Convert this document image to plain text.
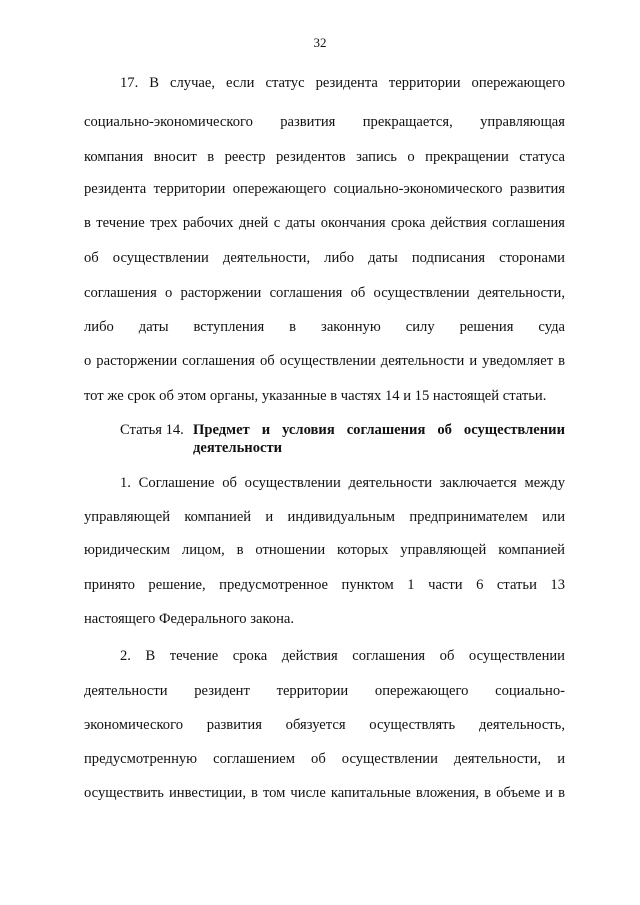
32
17. В случае, если статус резидента территории опережающего
социально-экономического развития прекращается, управляющая
компания вносит в реестр резидентов запись о прекращении статуса
резидента территории опережающего социально-экономического развития
в течение трех рабочих дней с даты окончания срока действия соглашения
об осуществлении деятельности, либо даты подписания сторонами
соглашения о расторжении соглашения об осуществлении деятельности,
либо даты вступления в законную силу решения суда
о расторжении соглашения об осуществлении деятельности и уведомляет в
тот же срок об этом органы, указанные в частях 14 и 15 настоящей статьи.
Статья 14. Предмет и условия соглашения об осуществлении
деятельности
1. Соглашение об осуществлении деятельности заключается между
управляющей компанией и индивидуальным предпринимателем или
юридическим лицом, в отношении которых управляющей компанией
принято решение, предусмотренное пунктом 1 части 6 статьи 13
настоящего Федерального закона.
2. В течение срока действия соглашения об осуществлении
деятельности резидент территории опережающего социально-
экономического развития обязуется осуществлять деятельность,
предусмотренную соглашением об осуществлении деятельности, и
осуществить инвестиции, в том числе капитальные вложения, в объеме и в
